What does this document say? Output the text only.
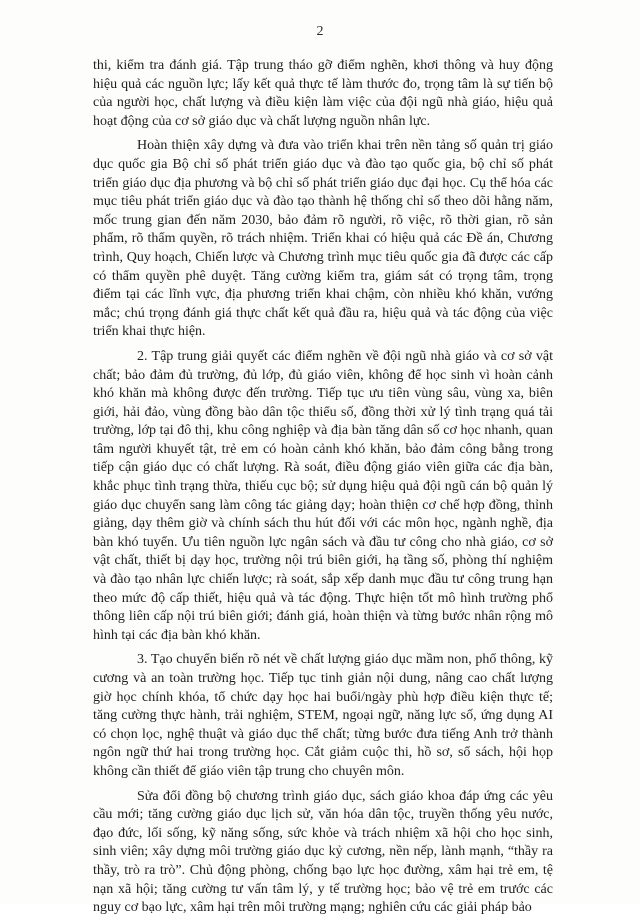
2

thi, kiểm tra đánh giá. Tập trung tháo gỡ điểm nghẽn, khơi thông và huy động hiệu quả các nguồn lực; lấy kết quả thực tế làm thước đo, trọng tâm là sự tiến bộ của người học, chất lượng và điều kiện làm việc của đội ngũ nhà giáo, hiệu quả hoạt động của cơ sở giáo dục và chất lượng nguồn nhân lực.

Hoàn thiện xây dựng và đưa vào triển khai trên nền tảng số quản trị giáo dục quốc gia Bộ chỉ số phát triển giáo dục và đào tạo quốc gia, bộ chỉ số phát triển giáo dục địa phương và bộ chỉ số phát triển giáo dục đại học. Cụ thể hóa các mục tiêu phát triển giáo dục và đào tạo thành hệ thống chỉ số theo dõi hằng năm, mốc trung gian đến năm 2030, bảo đảm rõ người, rõ việc, rõ thời gian, rõ sản phẩm, rõ thẩm quyền, rõ trách nhiệm. Triển khai có hiệu quả các Đề án, Chương trình, Quy hoạch, Chiến lược và Chương trình mục tiêu quốc gia đã được các cấp có thẩm quyền phê duyệt. Tăng cường kiểm tra, giám sát có trọng tâm, trọng điểm tại các lĩnh vực, địa phương triển khai chậm, còn nhiều khó khăn, vướng mắc; chú trọng đánh giá thực chất kết quả đầu ra, hiệu quả và tác động của việc triển khai thực hiện.

2. Tập trung giải quyết các điểm nghẽn về đội ngũ nhà giáo và cơ sở vật chất; bảo đảm đủ trường, đủ lớp, đủ giáo viên, không để học sinh vì hoàn cảnh khó khăn mà không được đến trường. Tiếp tục ưu tiên vùng sâu, vùng xa, biên giới, hải đảo, vùng đồng bào dân tộc thiểu số, đồng thời xử lý tình trạng quá tải trường, lớp tại đô thị, khu công nghiệp và địa bàn tăng dân số cơ học nhanh, quan tâm người khuyết tật, trẻ em có hoàn cảnh khó khăn, bảo đảm công bằng trong tiếp cận giáo dục có chất lượng. Rà soát, điều động giáo viên giữa các địa bàn, khắc phục tình trạng thừa, thiếu cục bộ; sử dụng hiệu quả đội ngũ cán bộ quản lý giáo dục chuyển sang làm công tác giảng dạy; hoàn thiện cơ chế hợp đồng, thỉnh giảng, dạy thêm giờ và chính sách thu hút đối với các môn học, ngành nghề, địa bàn khó tuyển. Ưu tiên nguồn lực ngân sách và đầu tư công cho nhà giáo, cơ sở vật chất, thiết bị dạy học, trường nội trú biên giới, hạ tầng số, phòng thí nghiệm và đào tạo nhân lực chiến lược; rà soát, sắp xếp danh mục đầu tư công trung hạn theo mức độ cấp thiết, hiệu quả và tác động. Thực hiện tốt mô hình trường phổ thông liên cấp nội trú biên giới; đánh giá, hoàn thiện và từng bước nhân rộng mô hình tại các địa bàn khó khăn.

3. Tạo chuyển biến rõ nét về chất lượng giáo dục mầm non, phổ thông, kỹ cương và an toàn trường học. Tiếp tục tinh giản nội dung, nâng cao chất lượng giờ học chính khóa, tổ chức dạy học hai buổi/ngày phù hợp điều kiện thực tế; tăng cường thực hành, trải nghiệm, STEM, ngoại ngữ, năng lực số, ứng dụng AI có chọn lọc, nghệ thuật và giáo dục thể chất; từng bước đưa tiếng Anh trở thành ngôn ngữ thứ hai trong trường học. Cắt giảm cuộc thi, hồ sơ, sổ sách, hội họp không cần thiết để giáo viên tập trung cho chuyên môn.

Sửa đổi đồng bộ chương trình giáo dục, sách giáo khoa đáp ứng các yêu cầu mới; tăng cường giáo dục lịch sử, văn hóa dân tộc, truyền thống yêu nước, đạo đức, lối sống, kỹ năng sống, sức khỏe và trách nhiệm xã hội cho học sinh, sinh viên; xây dựng môi trường giáo dục kỷ cương, nền nếp, lành mạnh, “thầy ra thầy, trò ra trò”. Chủ động phòng, chống bạo lực học đường, xâm hại trẻ em, tệ nạn xã hội; tăng cường tư vấn tâm lý, y tế trường học; bảo vệ trẻ em trước các nguy cơ bạo lực, xâm hại trên môi trường mạng; nghiên cứu các giải pháp bảo
